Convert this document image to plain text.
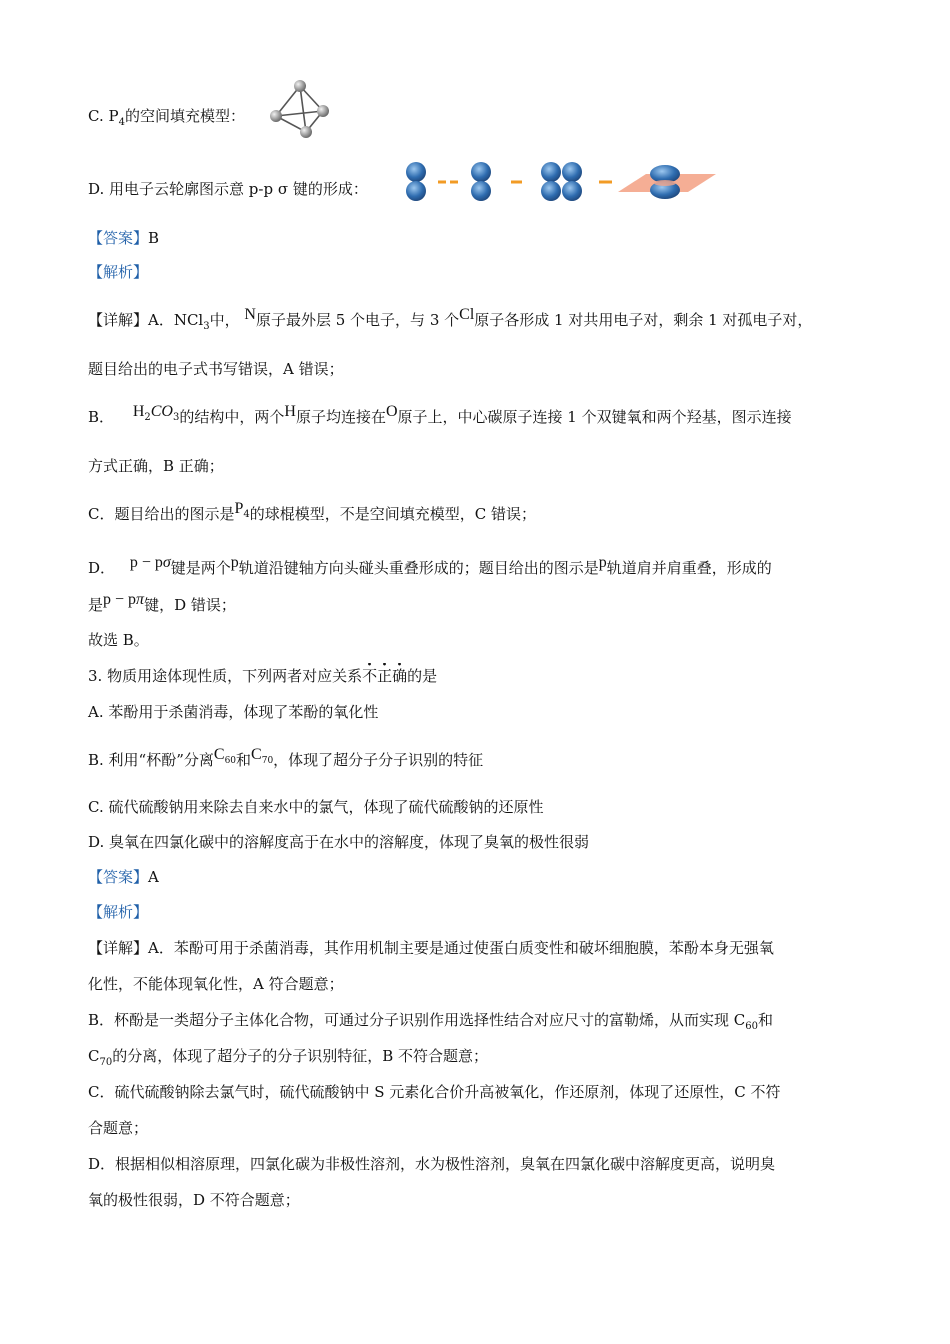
C. $P_4$的空间填充模型：
D. 用电子云轮廓图示意 p-p σ 键的形成：
【答案】B
【解析】
【详解】A．NCl$_3$中， N原子最外层 5 个电子，与 3 个Cl原子各形成 1 对共用电子对，剩余 1 对孤电子对，
题目给出的电子式书写错误，A 错误；
B． $H_2CO_3$的结构中，两个H原子均连接在O原子上，中心碳原子连接 1 个双键氧和两个羟基，图示连接
方式正确，B 正确；
C．题目给出的图示是$P_4$的球棍模型，不是空间填充模型，C 错误；
D． p − pσ键是两个p轨道沿键轴方向头碰头重叠形成的；题目给出的图示是p轨道肩并肩重叠，形成的
是p − pπ键，D 错误；
故选 B。
3. 物质用途体现性质，下列两者对应关系不正确的是
A. 苯酚用于杀菌消毒，体现了苯酚的氧化性
B. 利用“杯酚”分离$C_{60}$和$C_{70}$，体现了超分子分子识别的特征
C. 硫代硫酸钠用来除去自来水中的氯气，体现了硫代硫酸钠的还原性
D. 臭氧在四氯化碳中的溶解度高于在水中的溶解度，体现了臭氧的极性很弱
【答案】A
【解析】
【详解】A．苯酚可用于杀菌消毒，其作用机制主要是通过使蛋白质变性和破坏细胞膜，苯酚本身无强氧
化性，不能体现氧化性，A 符合题意；
B．杯酚是一类超分子主体化合物，可通过分子识别作用选择性结合对应尺寸的富勒烯，从而实现 $C_{60}$和
$C_{70}$的分离，体现了超分子的分子识别特征，B 不符合题意；
C．硫代硫酸钠除去氯气时，硫代硫酸钠中 S 元素化合价升高被氧化，作还原剂，体现了还原性，C 不符
合题意；
D．根据相似相溶原理，四氯化碳为非极性溶剂，水为极性溶剂，臭氧在四氯化碳中溶解度更高，说明臭
氧的极性很弱，D 不符合题意；
